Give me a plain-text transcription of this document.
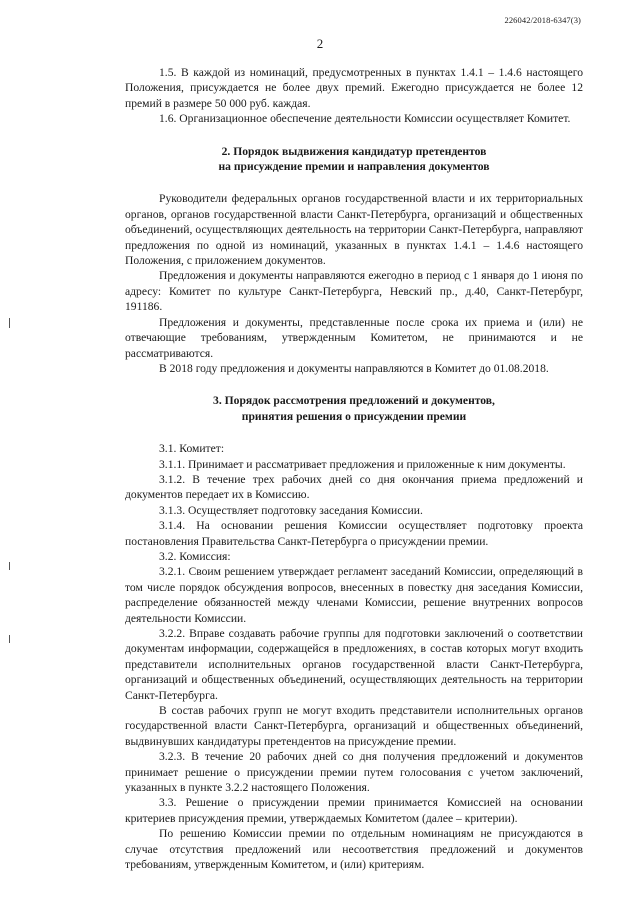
226042/2018-6347(3)
2

1.5. В каждой из номинаций, предусмотренных в пунктах 1.4.1 – 1.4.6 настоящего Положения, присуждается не более двух премий. Ежегодно присуждается не более 12 премий в размере 50 000 руб. каждая.

1.6. Организационное обеспечение деятельности Комиссии осуществляет Комитет.

2. Порядок выдвижения кандидатур претендентов
на присуждение премии и направления документов

Руководители федеральных органов государственной власти и их территориальных органов, органов государственной власти Санкт-Петербурга, организаций и общественных объединений, осуществляющих деятельность на территории Санкт-Петербурга, направляют предложения по одной из номинаций, указанных в пунктах 1.4.1 – 1.4.6 настоящего Положения, с приложением документов.

Предложения и документы направляются ежегодно в период с 1 января до 1 июня по адресу: Комитет по культуре Санкт-Петербурга, Невский пр., д.40, Санкт-Петербург, 191186.

Предложения и документы, представленные после срока их приема и (или) не отвечающие требованиям, утвержденным Комитетом, не принимаются и не рассматриваются.

В 2018 году предложения и документы направляются в Комитет до 01.08.2018.

3. Порядок рассмотрения предложений и документов,
принятия решения о присуждении премии

3.1. Комитет:

3.1.1. Принимает и рассматривает предложения и приложенные к ним документы.

3.1.2. В течение трех рабочих дней со дня окончания приема предложений и документов передает их в Комиссию.

3.1.3. Осуществляет подготовку заседания Комиссии.

3.1.4. На основании решения Комиссии осуществляет подготовку проекта постановления Правительства Санкт-Петербурга о присуждении премии.

3.2. Комиссия:

3.2.1. Своим решением утверждает регламент заседаний Комиссии, определяющий в том числе порядок обсуждения вопросов, внесенных в повестку дня заседания Комиссии, распределение обязанностей между членами Комиссии, решение внутренних вопросов деятельности Комиссии.

3.2.2. Вправе создавать рабочие группы для подготовки заключений о соответствии документам информации, содержащейся в предложениях, в состав которых могут входить представители исполнительных органов государственной власти Санкт-Петербурга, организаций и общественных объединений, осуществляющих деятельность на территории Санкт-Петербурга.

В состав рабочих групп не могут входить представители исполнительных органов государственной власти Санкт-Петербурга, организаций и общественных объединений, выдвинувших кандидатуры претендентов на присуждение премии.

3.2.3. В течение 20 рабочих дней со дня получения предложений и документов принимает решение о присуждении премии путем голосования с учетом заключений, указанных в пункте 3.2.2 настоящего Положения.

3.3. Решение о присуждении премии принимается Комиссией на основании критериев присуждения премии, утверждаемых Комитетом (далее – критерии).

По решению Комиссии премии по отдельным номинациям не присуждаются в случае отсутствия предложений или несоответствия предложений и документов требованиям, утвержденным Комитетом, и (или) критериям.
